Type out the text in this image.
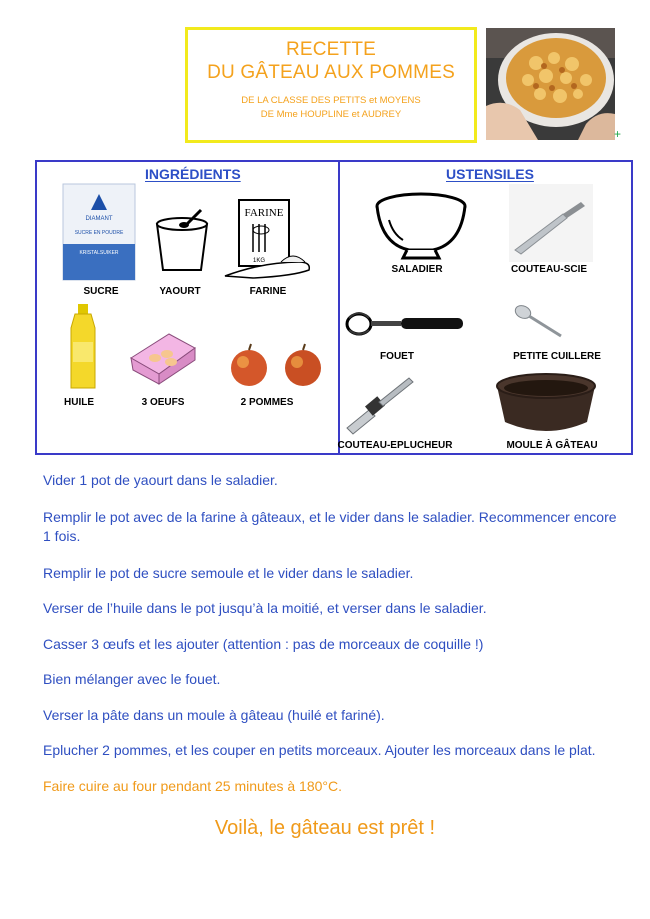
RECETTE
DU GÂTEAU AUX POMMES
DE LA CLASSE DES PETITS et MOYENS
DE Mme HOUPLINE et AUDREY
+
INGRÉDIENTS	USTENSILES
DIAMANT
SUCRE EN POUDRE
KRISTALSUIKER
SUCRE	YAOURT
FARINE
1KG
FARINE
HUILE	3 OEUFS	2 POMMES
SALADIER	COUTEAU-SCIE
FOUET	PETITE CUILLERE
COUTEAU-EPLUCHEUR	MOULE À GÂTEAU

Vider 1 pot de yaourt dans le saladier.

Remplir le pot avec de la farine à gâteaux, et le vider dans le saladier. Recommencer encore 1 fois.

Remplir le pot de sucre semoule et le vider dans le saladier.

Verser de l’huile dans le pot jusqu’à la moitié, et verser dans le saladier.

Casser 3 œufs et les ajouter (attention : pas de morceaux de coquille !)

Bien mélanger avec le fouet.

Verser la pâte dans un moule à gâteau (huilé et fariné).

Eplucher 2 pommes, et les couper en petits morceaux. Ajouter les morceaux dans le plat.

Faire cuire au four pendant 25 minutes à 180°C.

Voilà, le gâteau est prêt !
